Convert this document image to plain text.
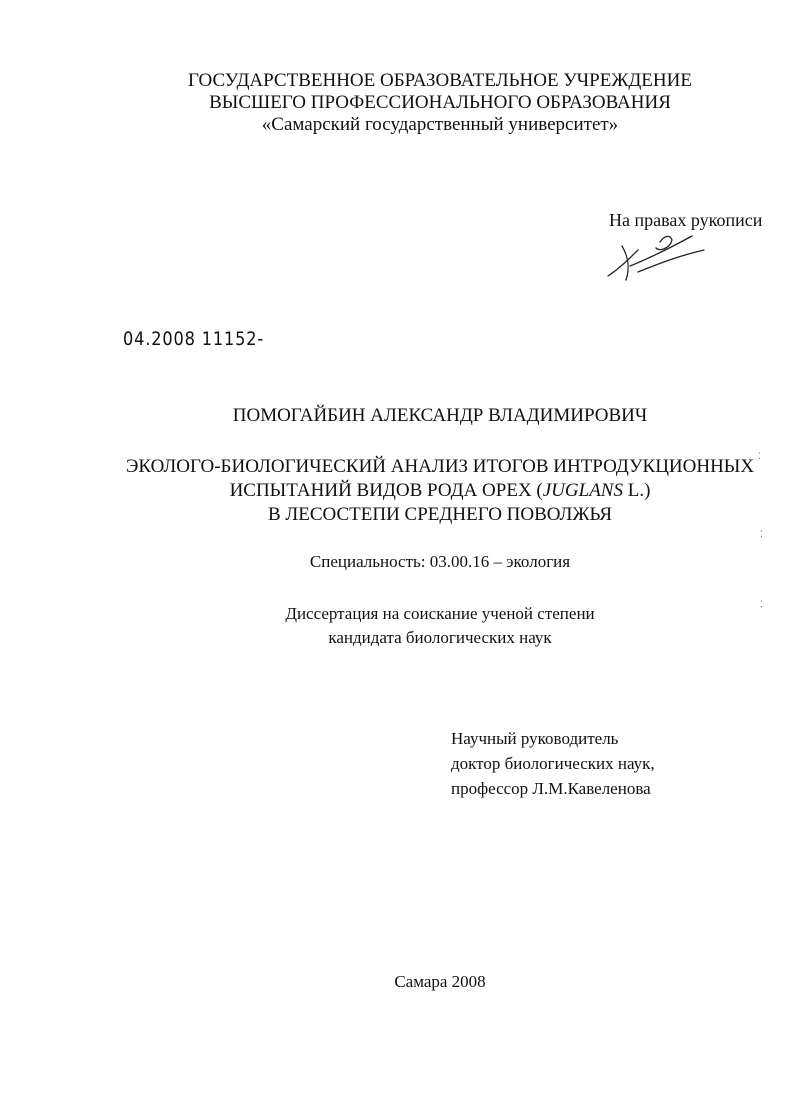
ГОСУДАРСТВЕННОЕ ОБРАЗОВАТЕЛЬНОЕ УЧРЕЖДЕНИЕ
ВЫСШЕГО ПРОФЕССИОНАЛЬНОГО ОБРАЗОВАНИЯ
«Самарский государственный университет»
На правах рукописи
04.2008 11152-
ПОМОГАЙБИН АЛЕКСАНДР ВЛАДИМИРОВИЧ
ЭКОЛОГО-БИОЛОГИЧЕСКИЙ АНАЛИЗ ИТОГОВ ИНТРОДУКЦИОННЫХ
ИСПЫТАНИЙ ВИДОВ РОДА ОРЕХ (JUGLANS L.)
В ЛЕСОСТЕПИ СРЕДНЕГО ПОВОЛЖЬЯ
Специальность: 03.00.16 – экология
Диссертация на соискание ученой степени
кандидата биологических наук
Научный руководитель
доктор биологических наук,
профессор Л.М.Кавеленова
Самара 2008
⁚
⁚
⁚
